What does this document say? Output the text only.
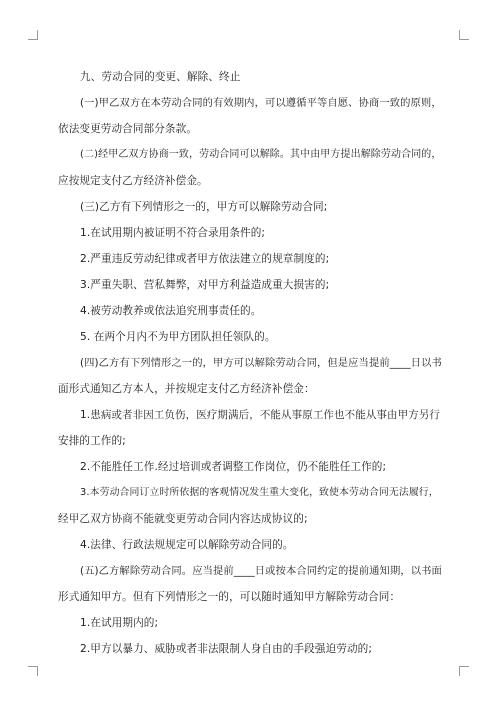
九、劳动合同的变更、解除、终止
(一)甲乙双方在本劳动合同的有效期内，可以遵循平等自愿、协商一致的原则，
依法变更劳动合同部分条款。
(二)经甲乙双方协商一致，劳动合同可以解除。其中由甲方提出解除劳动合同的，
应按规定支付乙方经济补偿金。
(三)乙方有下列情形之一的，甲方可以解除劳动合同;
1.在试用期内被证明不符合录用条件的;
2.严重违反劳动纪律或者甲方依法建立的规章制度的;
3.严重失职、营私舞弊，对甲方利益造成重大损害的;
4.被劳动教养或依法追究刑事责任的。
5. 在两个月内不为甲方团队担任领队的。
(四)乙方有下列情形之一的，甲方可以解除劳动合同，但是应当提前____日以书
面形式通知乙方本人，并按规定支付乙方经济补偿金：
1.患病或者非因工负伤，医疗期满后，不能从事原工作也不能从事由甲方另行
安排的工作的;
2.不能胜任工作.经过培训或者调整工作岗位，仍不能胜任工作的;
3.本劳动合同订立时所依据的客观情况发生重大变化，致使本劳动合同无法履行，
经甲乙双方协商不能就变更劳动合同内容达成协议的;
4.法律、行政法规规定可以解除劳动合同的。
(五)乙方解除劳动合同。应当提前____日或按本合同约定的提前通知期，以书面
形式通知甲方。但有下列情形之一的，可以随时通知甲方解除劳动合同：
1.在试用期内的;
2.甲方以暴力、威胁或者非法限制人身自由的手段强迫劳动的;
